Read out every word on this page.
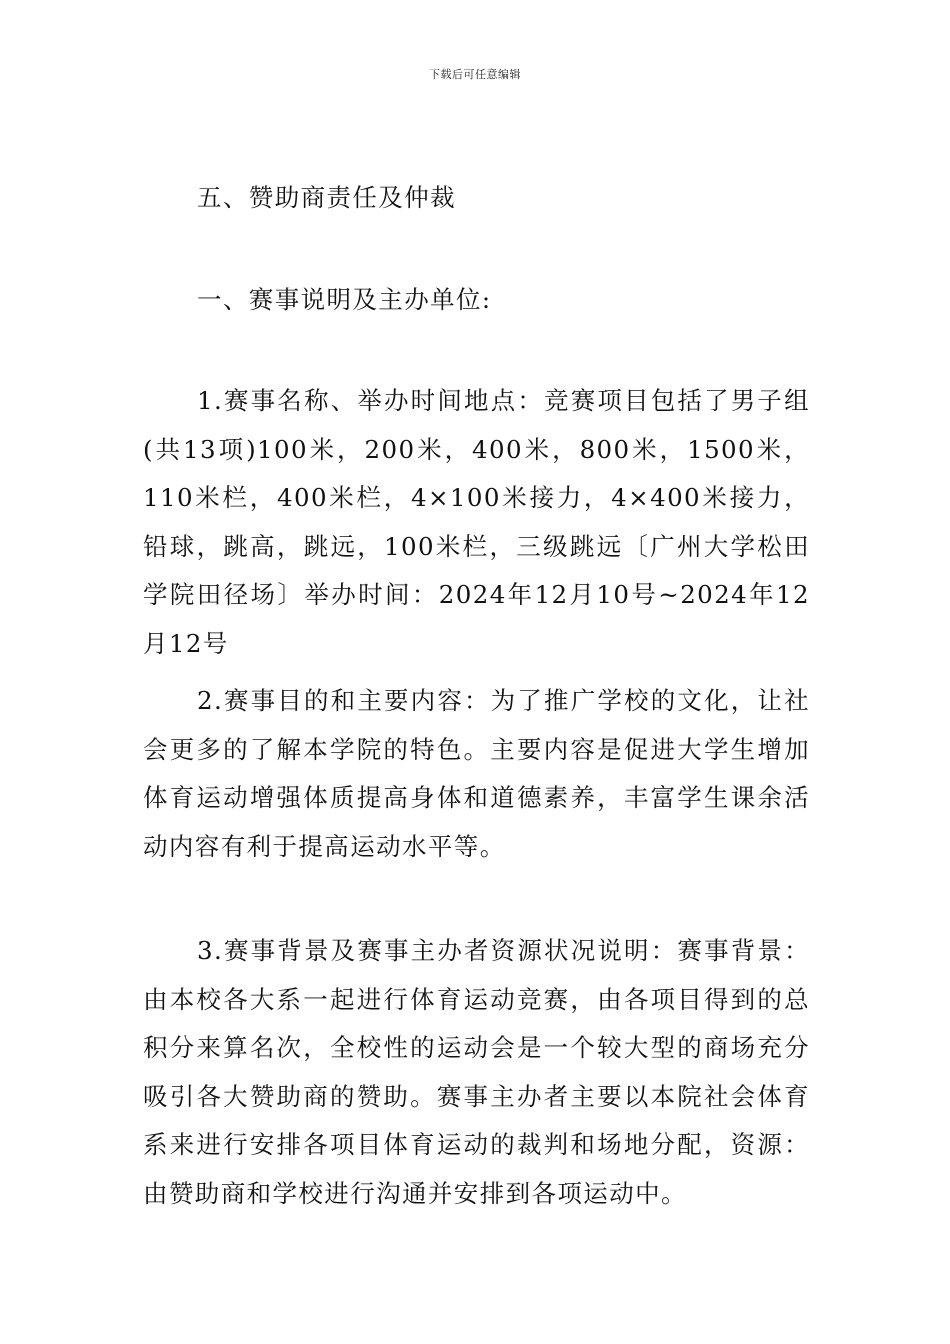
下载后可任意编辑
五、赞助商责任及仲裁
一、赛事说明及主办单位:
1.赛事名称、举办时间地点：竞赛项目包括了男子组(共13项)100米，200米，400米，800米，1500米，110米栏，400米栏，4×100米接力，4×400米接力，铅球，跳高，跳远，100米栏，三级跳远〔广州大学松田学院田径场〕举办时间：2024年12月10号~2024年12月12号
2.赛事目的和主要内容：为了推广学校的文化，让社会更多的了解本学院的特色。主要内容是促进大学生增加体育运动增强体质提高身体和道德素养，丰富学生课余活动内容有利于提高运动水平等。
3.赛事背景及赛事主办者资源状况说明：赛事背景：由本校各大系一起进行体育运动竞赛，由各项目得到的总积分来算名次，全校性的运动会是一个较大型的商场充分吸引各大赞助商的赞助。赛事主办者主要以本院社会体育系来进行安排各项目体育运动的裁判和场地分配，资源：由赞助商和学校进行沟通并安排到各项运动中。
